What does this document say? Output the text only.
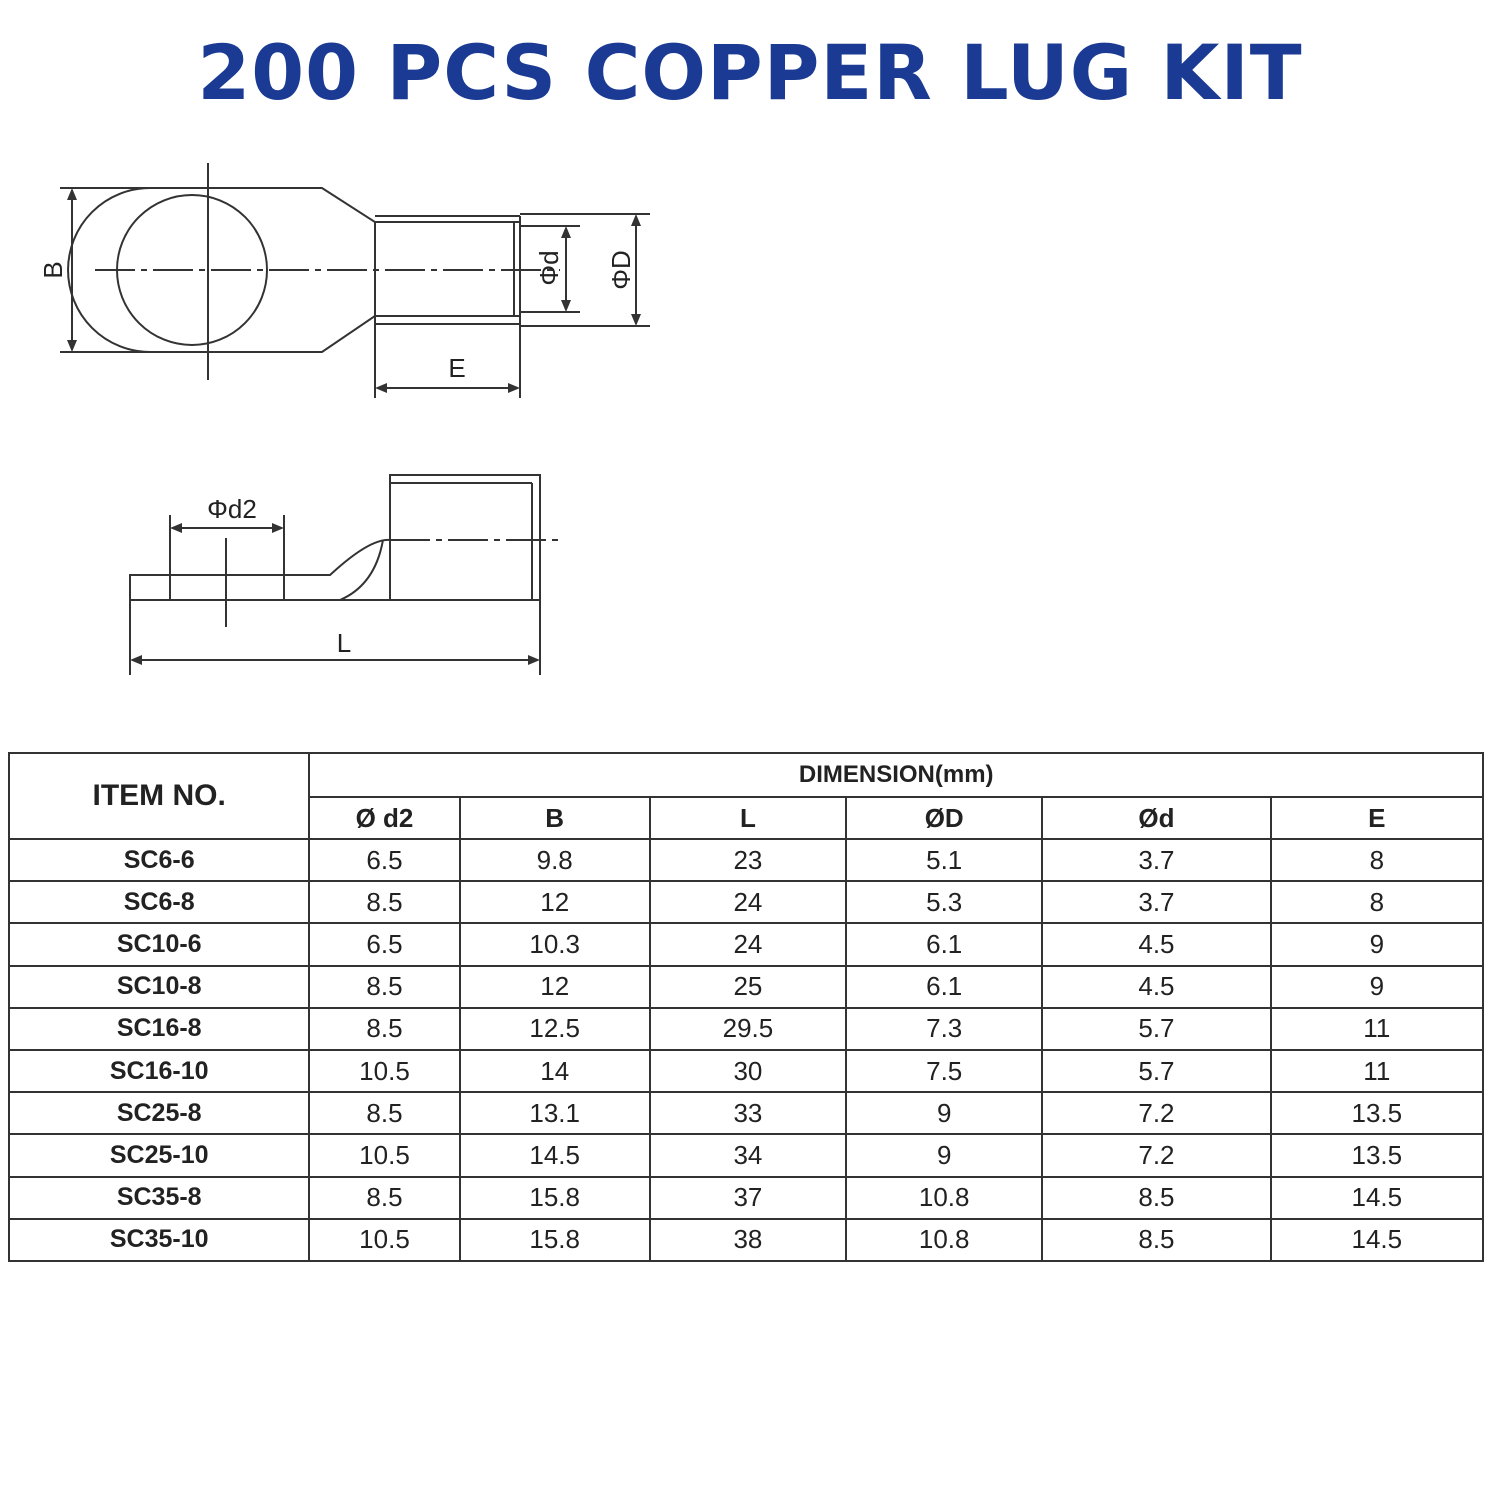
200 PCS COPPER LUG KIT
B	Φd ΦD
E
Φd2
L
ITEM NO.	DIMENSION(mm)					
	Ø d2	B	L	ØD	Ød	E
SC6-6	6.5	9.8	23	5.1	3.7	8
SC6-8	8.5	12	24	5.3	3.7	8
SC10-6	6.5	10.3	24	6.1	4.5	9
SC10-8	8.5	12	25	6.1	4.5	9
SC16-8	8.5	12.5	29.5	7.3	5.7	11
SC16-10	10.5	14	30	7.5	5.7	11
SC25-8	8.5	13.1	33	9	7.2	13.5
SC25-10	10.5	14.5	34	9	7.2	13.5
SC35-8	8.5	15.8	37	10.8	8.5	14.5
SC35-10	10.5	15.8	38	10.8	8.5	14.5
